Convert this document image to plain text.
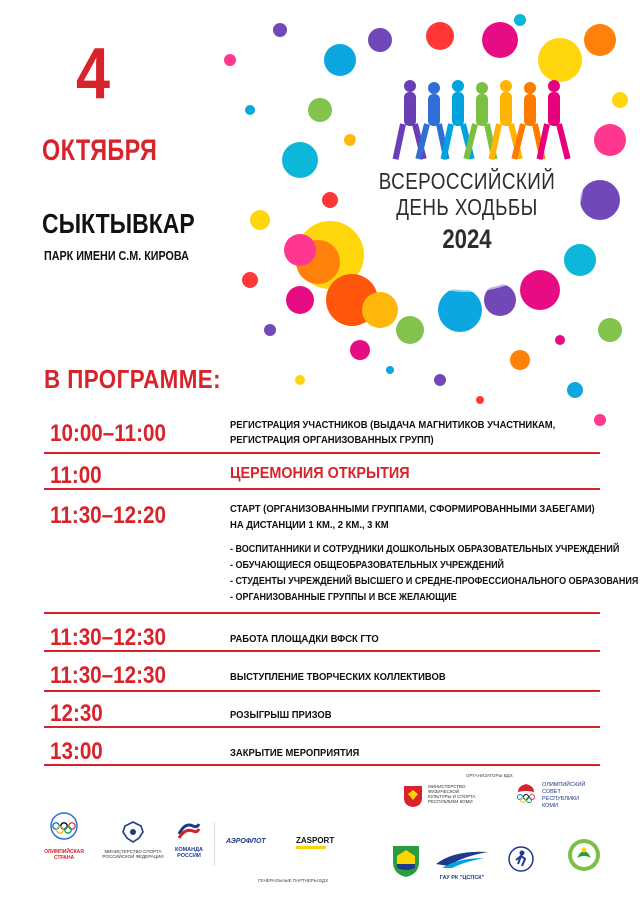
4
ОКТЯБРЯ
СЫКТЫВКАР
ПАРК ИМЕНИ С.М. КИРОВА
ВСЕРОССИЙСКИЙ
ДЕНЬ ХОДЬБЫ
2024
В ПРОГРАММЕ:
10:00–11:00	РЕГИСТРАЦИЯ УЧАСТНИКОВ (ВЫДАЧА МАГНИТИКОВ УЧАСТНИКАМ,
РЕГИСТРАЦИЯ ОРГАНИЗОВАННЫХ ГРУПП)
11:00	ЦЕРЕМОНИЯ ОТКРЫТИЯ
11:30–12:20	СТАРТ (ОРГАНИЗОВАННЫМИ ГРУППАМИ, СФОРМИРОВАННЫМИ ЗАБЕГАМИ)
НА ДИСТАНЦИИ 1 КМ., 2 КМ., 3 КМ
- ВОСПИТАННИКИ И СОТРУДНИКИ ДОШКОЛЬНЫХ ОБРАЗОВАТЕЛЬНЫХ УЧРЕЖДЕНИЙ
- ОБУЧАЮЩИЕСЯ ОБЩЕОБРАЗОВАТЕЛЬНЫХ УЧРЕЖДЕНИЙ
- СТУДЕНТЫ УЧРЕЖДЕНИЙ ВЫСШЕГО И СРЕДНЕ-ПРОФЕССИОНАЛЬНОГО ОБРАЗОВАНИЯ
- ОРГАНИЗОВАННЫЕ ГРУППЫ И ВСЕ ЖЕЛАЮЩИЕ
11:30–12:30	РАБОТА ПЛОЩАДКИ ВФСК ГТО
11:30–12:30	ВЫСТУПЛЕНИЕ ТВОРЧЕСКИХ КОЛЛЕКТИВОВ
12:30	РОЗЫГРЫШ ПРИЗОВ
13:00	ЗАКРЫТИЕ МЕРОПРИЯТИЯ
ОЛИМПИЙСКАЯ СТРАНА
МИНИСТЕРСТВО СПОРТА РОССИЙСКОЙ ФЕДЕРАЦИИ
КОМАНДА РОССИИ
АЭРОФЛОТ	ZASPORT
ГЕНЕРАЛЬНЫЕ ПАРТНЕРЫ ВДХ
ОРГАНИЗАТОРЫ ВДХ
МИНИСТЕРСТВО ФИЗИЧЕСКОЙ КУЛЬТУРЫ И СПОРТА РЕСПУБЛИКИ КОМИ
ОЛИМПИЙСКИЙ
СОВЕТ
РЕСПУБЛИКИ
КОМИ
ГАУ РК "ЦСПСК"
